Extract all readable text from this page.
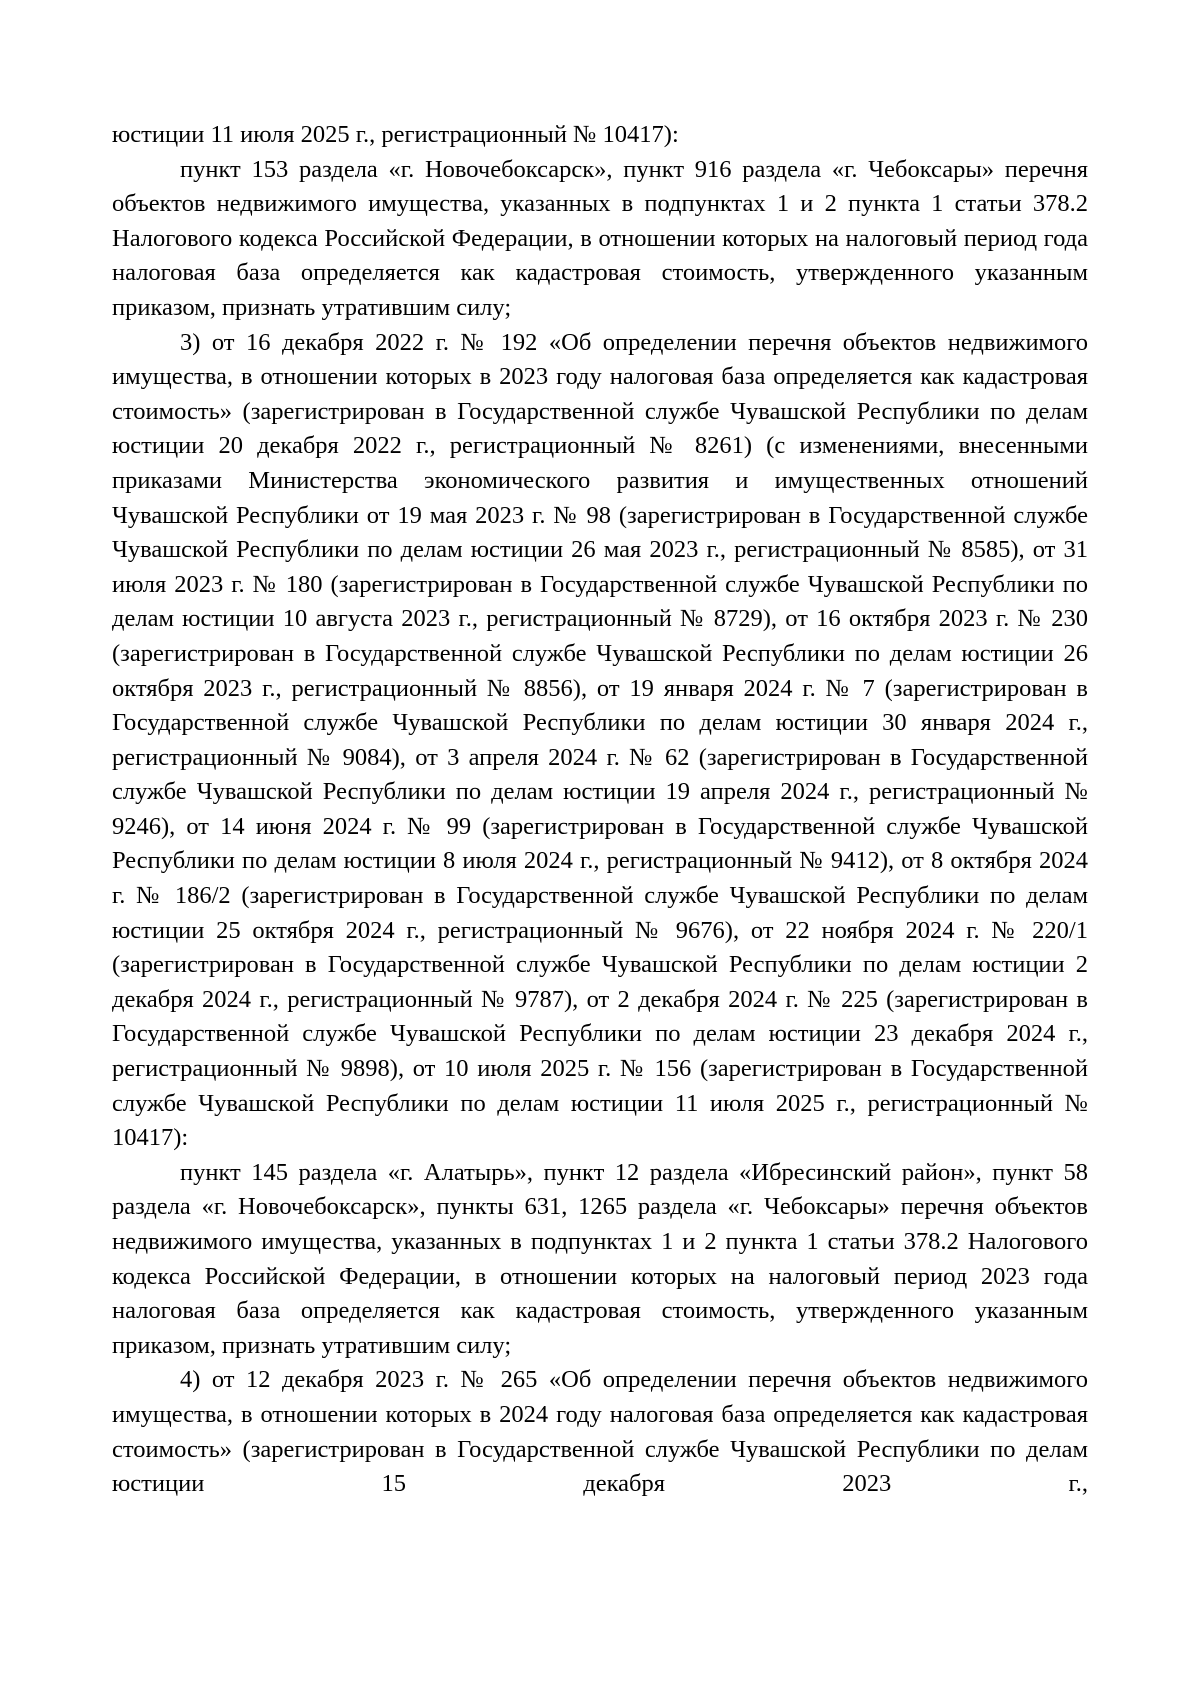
юстиции 11 июля 2025 г., регистрационный № 10417):

пункт 153 раздела «г. Новочебоксарск», пункт 916 раздела «г. Чебоксары» перечня объектов недвижимого имущества, указанных в подпунктах 1 и 2 пункта 1 статьи 378.2 Налогового кодекса Российской Федерации, в отношении которых на налоговый период года налоговая база определяется как кадастровая стоимость, утвержденного указанным приказом, признать утратившим силу;

3) от 16 декабря 2022 г. № 192 «Об определении перечня объектов недвижимого имущества, в отношении которых в 2023 году налоговая база определяется как кадастровая стоимость» (зарегистрирован в Государственной службе Чувашской Республики по делам юстиции 20 декабря 2022 г., регистрационный № 8261) (с изменениями, внесенными приказами Министерства экономического развития и имущественных отношений Чувашской Республики от 19 мая 2023 г. № 98 (зарегистрирован в Государственной службе Чувашской Республики по делам юстиции 26 мая 2023 г., регистрационный № 8585), от 31 июля 2023 г. № 180 (зарегистрирован в Государственной службе Чувашской Республики по делам юстиции 10 августа 2023 г., регистрационный № 8729), от 16 октября 2023 г. № 230 (зарегистрирован в Государственной службе Чувашской Республики по делам юстиции 26 октября 2023 г., регистрационный № 8856), от 19 января 2024 г. № 7 (зарегистрирован в Государственной службе Чувашской Республики по делам юстиции 30 января 2024 г., регистрационный № 9084), от 3 апреля 2024 г. № 62 (зарегистрирован в Государственной службе Чувашской Республики по делам юстиции 19 апреля 2024 г., регистрационный № 9246), от 14 июня 2024 г. № 99 (зарегистрирован в Государственной службе Чувашской Республики по делам юстиции 8 июля 2024 г., регистрационный № 9412), от 8 октября 2024 г. № 186/2 (зарегистрирован в Государственной службе Чувашской Республики по делам юстиции 25 октября 2024 г., регистрационный № 9676), от 22 ноября 2024 г. № 220/1 (зарегистрирован в Государственной службе Чувашской Республики по делам юстиции 2 декабря 2024 г., регистрационный № 9787), от 2 декабря 2024 г. № 225 (зарегистрирован в Государственной службе Чувашской Республики по делам юстиции 23 декабря 2024 г., регистрационный № 9898), от 10 июля 2025 г. № 156 (зарегистрирован в Государственной службе Чувашской Республики по делам юстиции 11 июля 2025 г., регистрационный № 10417):

пункт 145 раздела «г. Алатырь», пункт 12 раздела «Ибресинский район», пункт 58 раздела «г. Новочебоксарск», пункты 631, 1265 раздела «г. Чебоксары» перечня объектов недвижимого имущества, указанных в подпунктах 1 и 2 пункта 1 статьи 378.2 Налогового кодекса Российской Федерации, в отношении которых на налоговый период 2023 года налоговая база определяется как кадастровая стоимость, утвержденного указанным приказом, признать утратившим силу;

4) от 12 декабря 2023 г. № 265 «Об определении перечня объектов недвижимого имущества, в отношении которых в 2024 году налоговая база определяется как кадастровая стоимость» (зарегистрирован в Государственной службе Чувашской Республики по делам юстиции 15 декабря 2023 г.,
